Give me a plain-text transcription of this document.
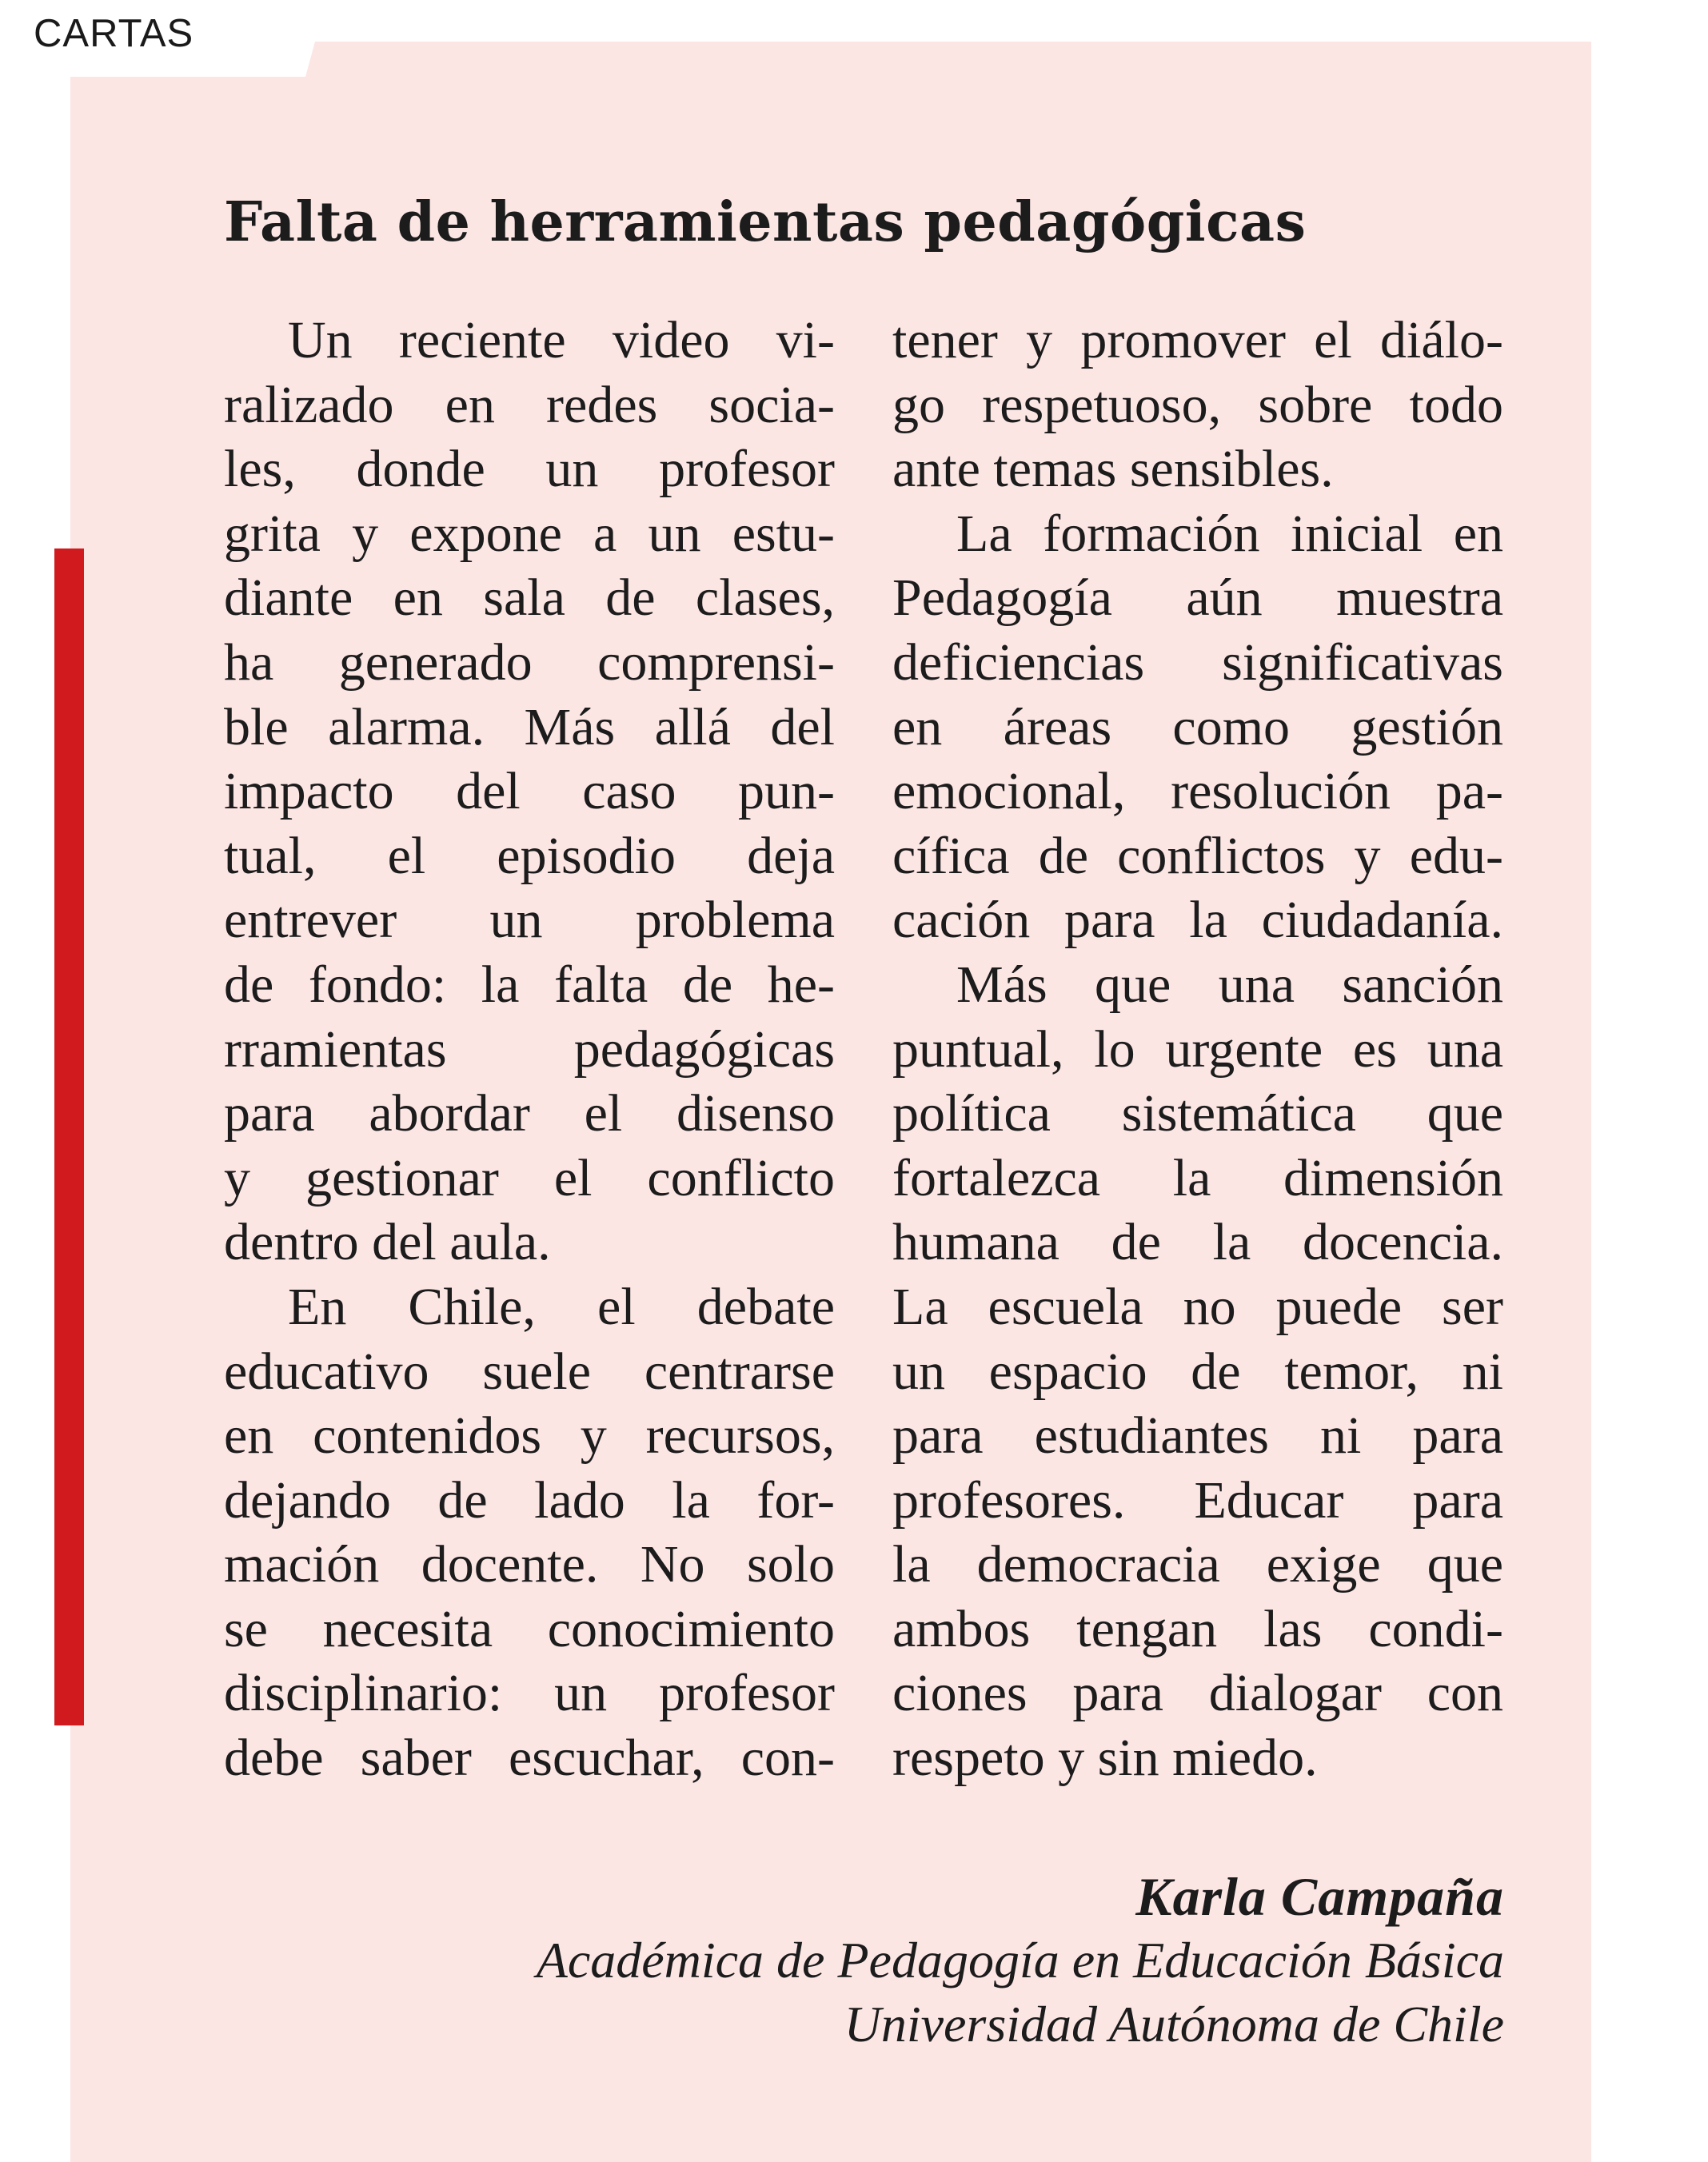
CARTAS
Falta de herramientas pedagógicas
Un reciente video vi-
ralizado en redes socia-
les, donde un profesor
grita y expone a un estu-
diante en sala de clases,
ha generado comprensi-
ble alarma. Más allá del
impacto del caso pun-
tual, el episodio deja
entrever un problema
de fondo: la falta de he-
rramientas pedagógicas
para abordar el disenso
y gestionar el conflicto
dentro del aula.
En Chile, el debate
educativo suele centrarse
en contenidos y recursos,
dejando de lado la for-
mación docente. No solo
se necesita conocimiento
disciplinario: un profesor
debe saber escuchar, con-
tener y promover el diálo-
go respetuoso, sobre todo
ante temas sensibles.
La formación inicial en
Pedagogía aún muestra
deficiencias significativas
en áreas como gestión
emocional, resolución pa-
cífica de conflictos y edu-
cación para la ciudadanía.
Más que una sanción
puntual, lo urgente es una
política sistemática que
fortalezca la dimensión
humana de la docencia.
La escuela no puede ser
un espacio de temor, ni
para estudiantes ni para
profesores. Educar para
la democracia exige que
ambos tengan las condi-
ciones para dialogar con
respeto y sin miedo.
Karla Campaña
Académica de Pedagogía en Educación Básica
Universidad Autónoma de Chile
